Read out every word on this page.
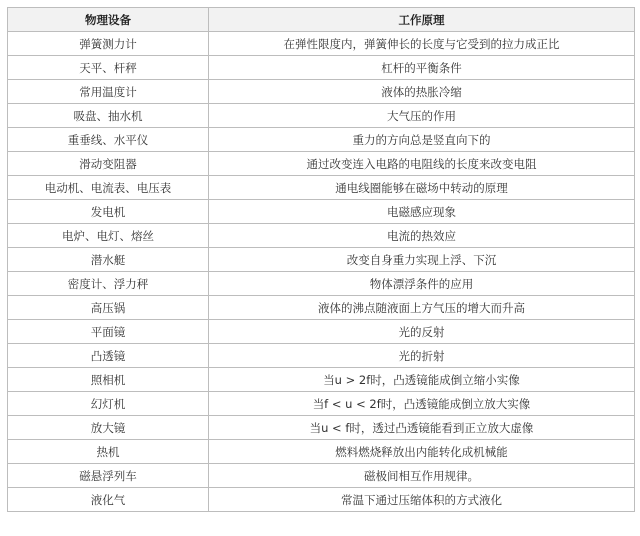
物理设备	工作原理
弹簧测力计	在弹性限度内，弹簧伸长的长度与它受到的拉力成正比
天平、杆秤	杠杆的平衡条件
常用温度计	液体的热胀冷缩
吸盘、抽水机	大气压的作用
重垂线、水平仪	重力的方向总是竖直向下的
滑动变阻器	通过改变连入电路的电阻线的长度来改变电阻
电动机、电流表、电压表	通电线圈能够在磁场中转动的原理
发电机	电磁感应现象
电炉、电灯、熔丝	电流的热效应
潜水艇	改变自身重力实现上浮、下沉
密度计、浮力秤	物体漂浮条件的应用
高压锅	液体的沸点随液面上方气压的增大而升高
平面镜	光的反射
凸透镜	光的折射
照相机	当u > 2f时，凸透镜能成倒立缩小实像
幻灯机	当f < u < 2f时，凸透镜能成倒立放大实像
放大镜	当u < f时，透过凸透镜能看到正立放大虚像
热机	燃料燃烧释放出内能转化成机械能
磁悬浮列车	磁极间相互作用规律。
液化气	常温下通过压缩体积的方式液化
